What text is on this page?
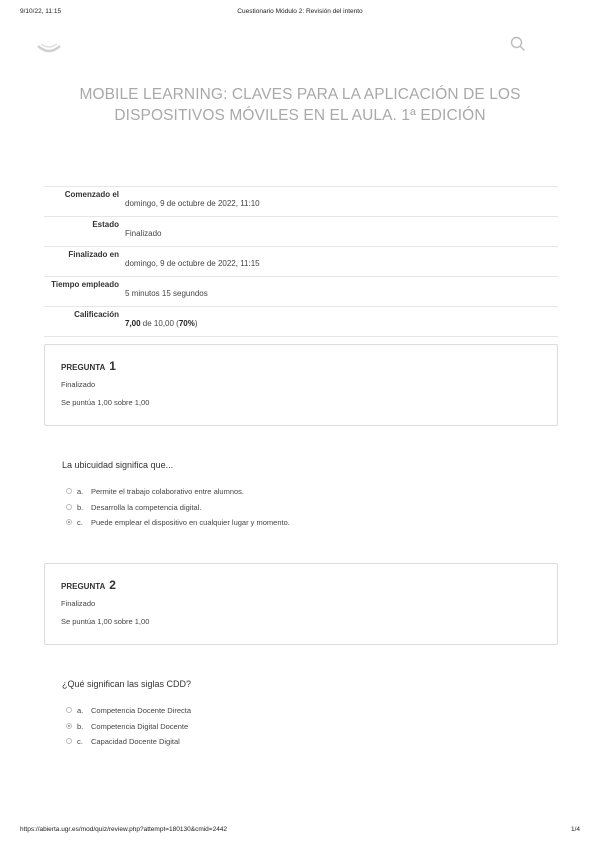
9/10/22, 11:15	Cuestionario Módulo 2: Revisión del intento
MOBILE LEARNING: CLAVES PARA LA APLICACIÓN DE LOS DISPOSITIVOS MÓVILES EN EL AULA. 1ª EDICIÓN
Comenzado el	domingo, 9 de octubre de 2022, 11:10
Estado	Finalizado
Finalizado en	domingo, 9 de octubre de 2022, 11:15
Tiempo empleado	5 minutos 15 segundos
Calificación	7,00 de 10,00 (70%)
PREGUNTA 1
Finalizado
Se puntúa 1,00 sobre 1,00
La ubicuidad significa que...
a. Permite el trabajo colaborativo entre alumnos.
b. Desarrolla la competencia digital.
c. Puede emplear el dispositivo en cualquier lugar y momento.
PREGUNTA 2
Finalizado
Se puntúa 1,00 sobre 1,00
¿Qué significan las siglas CDD?
a. Competencia Docente Directa
b. Competencia Digital Docente
c. Capacidad Docente Digital
https://abierta.ugr.es/mod/quiz/review.php?attempt=180130&cmid=2442	1/4
